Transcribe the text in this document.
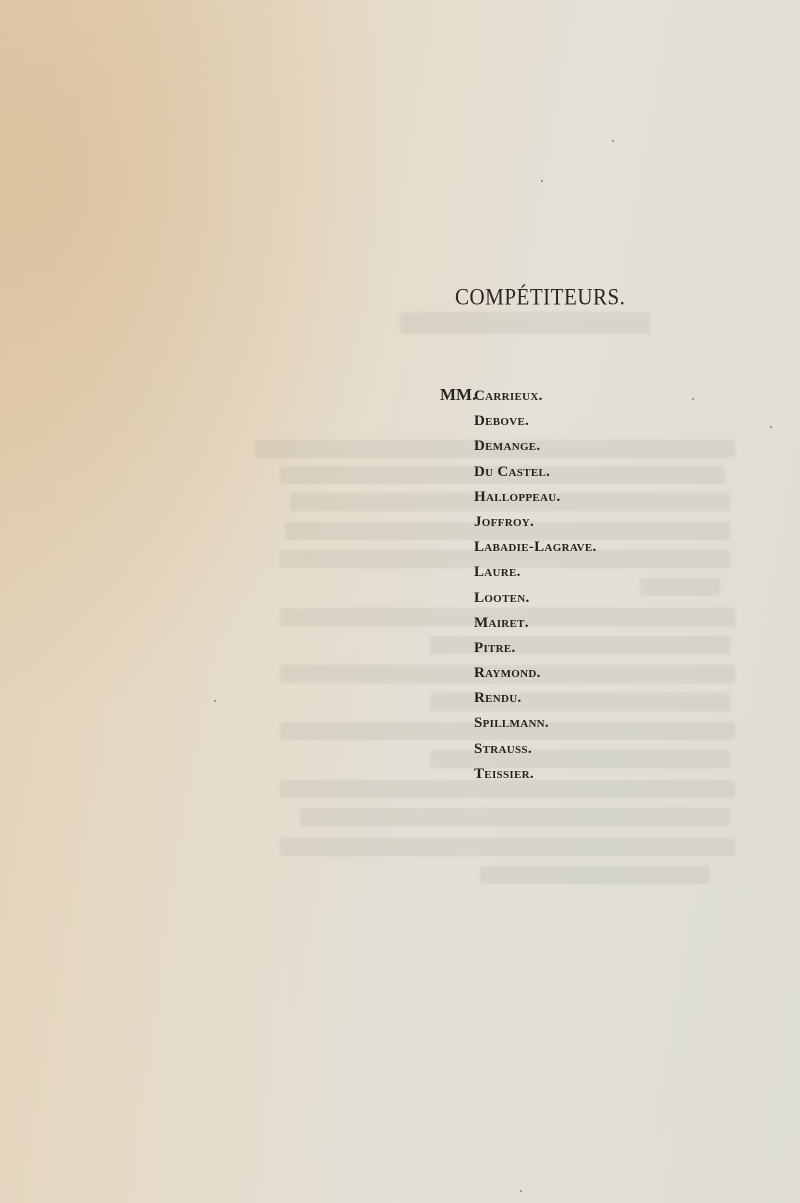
COMPÉTITEURS.
MM.
Carrieux.
Debove.
Demange.
Du Castel.
Halloppeau.
Joffroy.
Labadie-Lagrave.
Laure.
Looten.
Mairet.
Pitre.
Raymond.
Rendu.
Spillmann.
Strauss.
Teissier.
